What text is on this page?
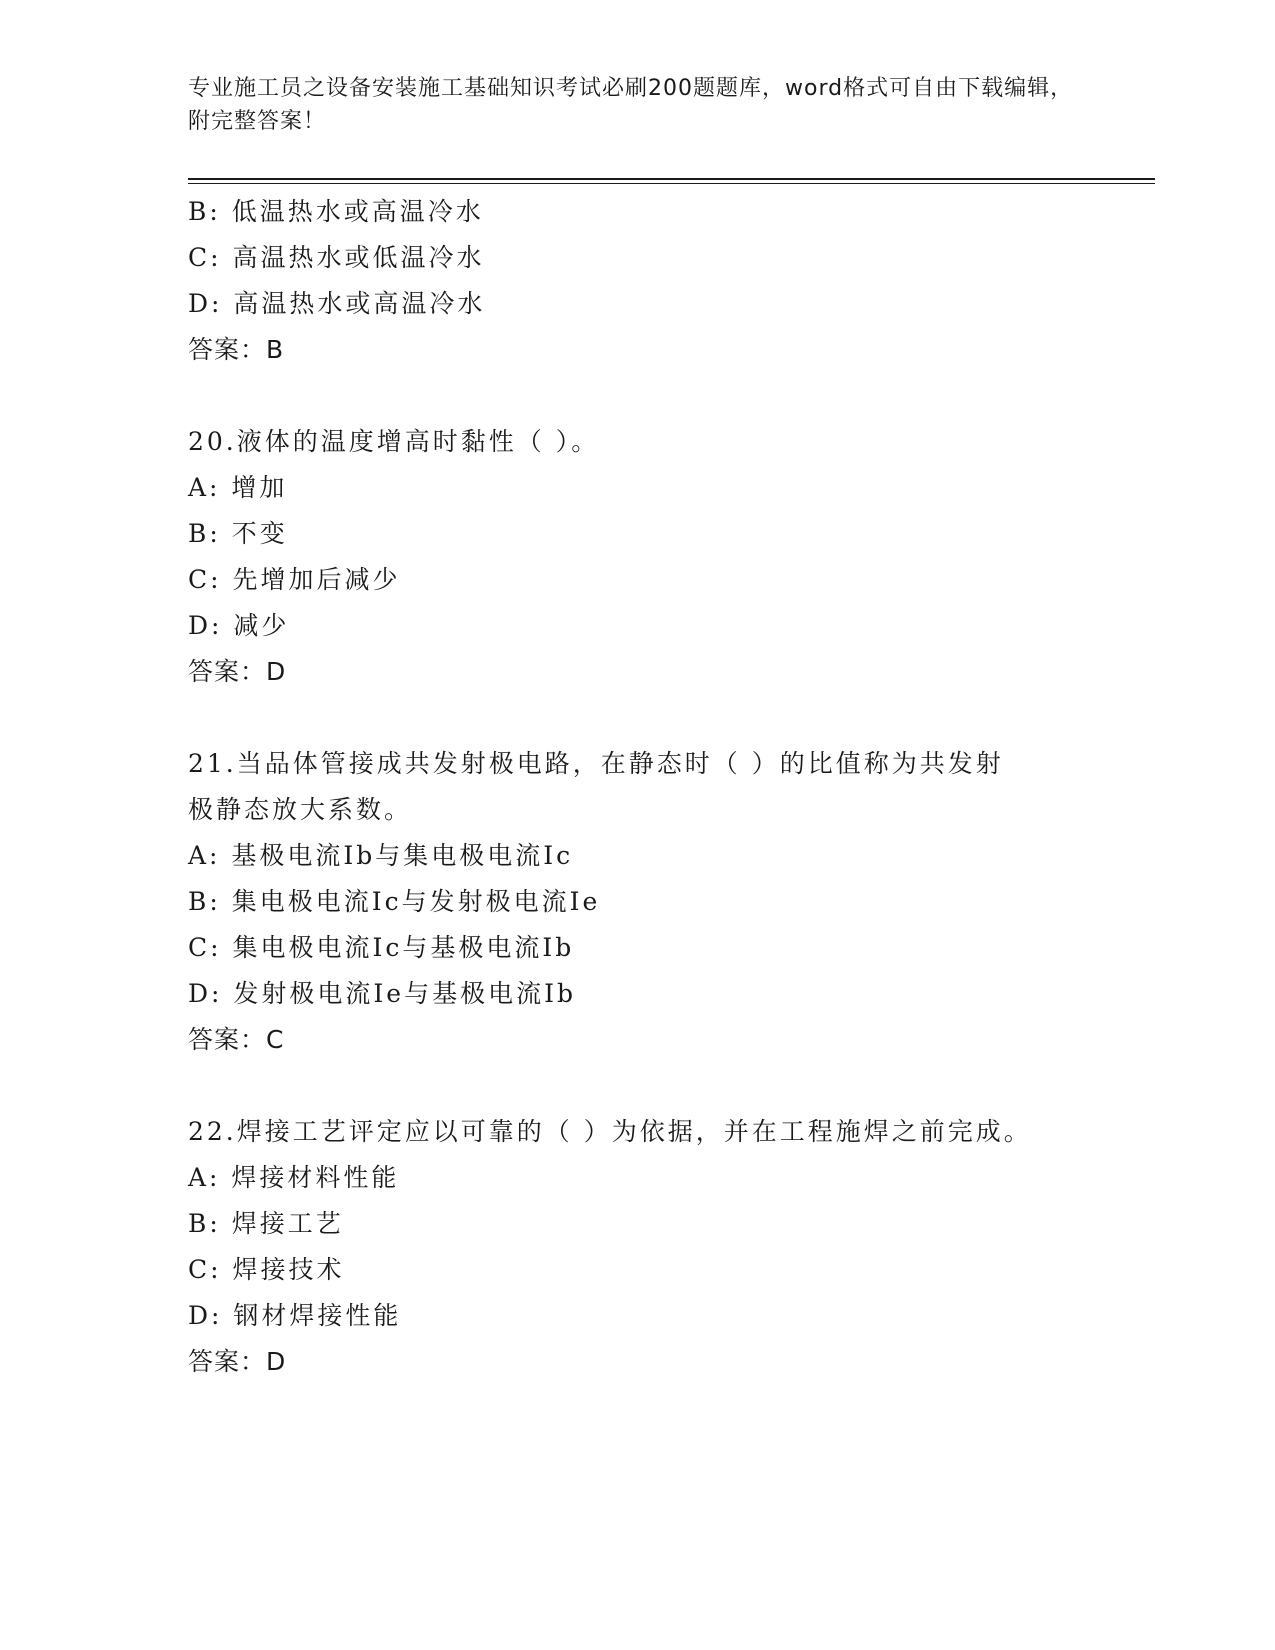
专业施工员之设备安装施工基础知识考试必刷200题题库，word格式可自由下载编辑，附完整答案！
B: 低温热水或高温冷水
C: 高温热水或低温冷水
D: 高温热水或高温冷水
答案：B
20.液体的温度增高时黏性（ ）。
A: 增加
B: 不变
C: 先增加后减少
D: 减少
答案：D
21.当品体管接成共发射极电路，在静态时（ ）的比值称为共发射极静态放大系数。
A: 基极电流Ib与集电极电流Ic
B: 集电极电流Ic与发射极电流Ie
C: 集电极电流Ic与基极电流Ib
D: 发射极电流Ie与基极电流Ib
答案：C
22.焊接工艺评定应以可靠的（ ）为依据，并在工程施焊之前完成。
A: 焊接材料性能
B: 焊接工艺
C: 焊接技术
D: 钢材焊接性能
答案：D
